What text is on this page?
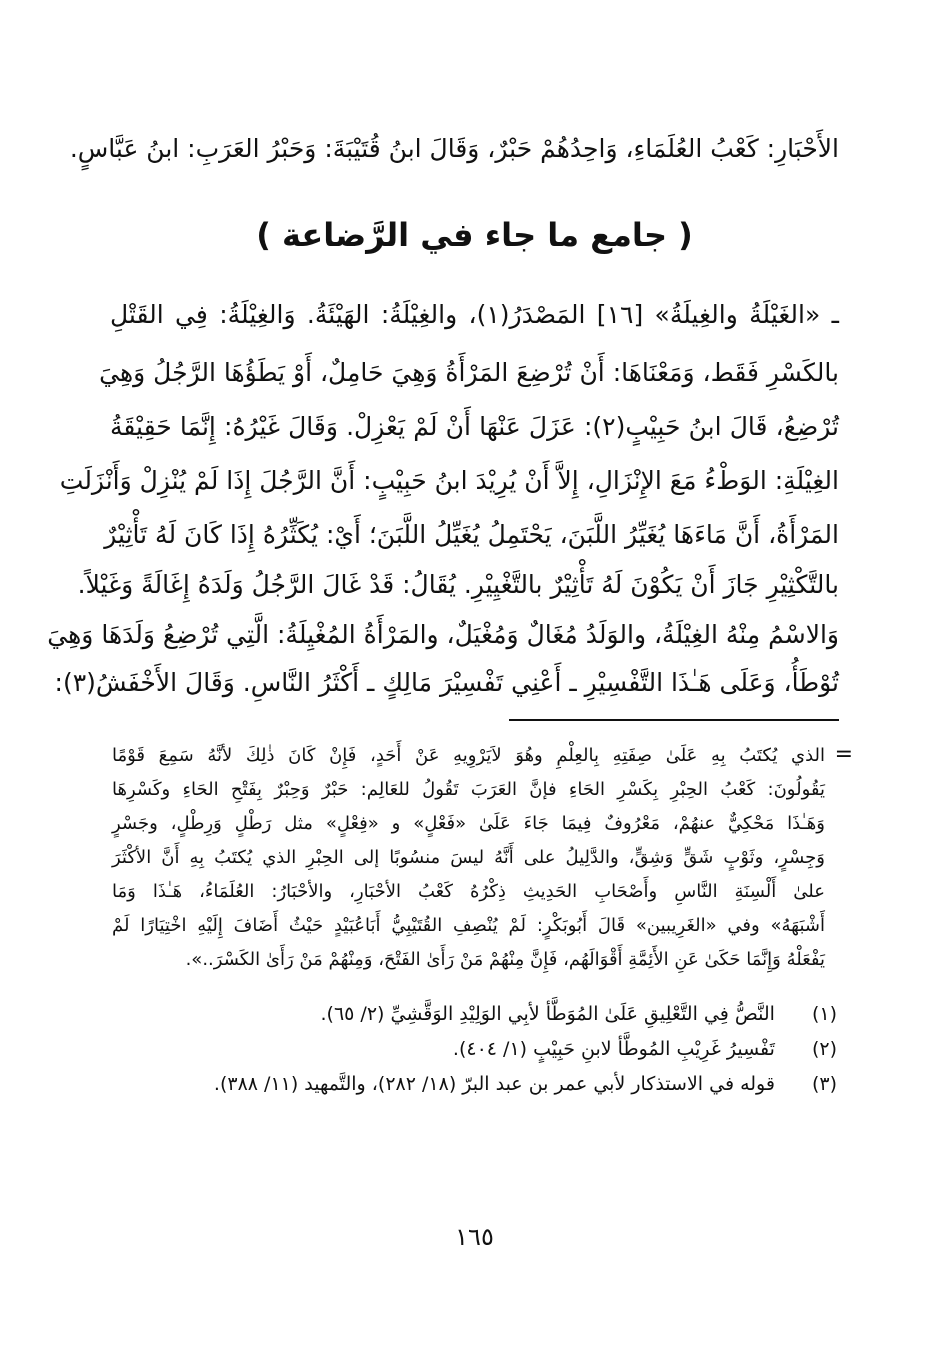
الأَحْبَارِ: كَعْبُ العُلَمَاءِ، وَاحِدُهُمْ حَبْرٌ، وَقَالَ ابنُ قُتَيْبَةَ: وَحَبْرُ العَرَبِ: ابنُ عَبَّاسٍ.
( جامع ما جاء في الرَّضاعة )
ـ «الغَيْلَةُ والغِيلَةُ» [١٦] المَصْدَرُ(١)، والغِيْلَةُ: الهَيْئَةُ. وَالغِيْلَةُ: فِي القَتْلِ
بالكَسْرِ فَقَط، وَمَعْنَاهَا: أَنْ تُرْضِعَ المَرْأَةُ وَهِيَ حَامِلٌ، أَوْ يَطَؤُهَا الرَّجُلُ وَهِيَ
تُرْضِعُ، قَالَ ابنُ حَبِيْبٍ(٢): عَزَلَ عَنْهَا أَنْ لَمْ يَعْزِلْ. وَقَالَ غَيْرُهُ: إِنَّمَا حَقِيْقَةُ
الغِيْلَةِ: الوَطْءُ مَعَ الإِنْزَالِ، إِلاَّ أَنْ يُرِيْدَ ابنُ حَبِيْبٍ: أَنَّ الرَّجُلَ إِذَا لَمْ يُنْزِلْ وَأَنْزَلَتِ
المَرْأَةُ، أَنَّ مَاءَهَا يُغَيِّرُ اللَّبَنَ، يَحْتَمِلُ يُغَيِّلُ اللَّبَنَ؛ أَيْ: يُكَثِّرُهُ إِذَا كَانَ لَهُ تَأْثِيْرٌ
بالتَّكْثِيْرِ جَازَ أَنْ يَكُوْنَ لَهُ تَأْثِيْرٌ بالتَّغْيِيْرِ. يُقَالُ: قَدْ غَالَ الرَّجُلُ وَلَدَهُ إِغَالَةً وَغَيْلاً.
وَالاسْمُ مِنْهُ الغِيْلَةُ، والوَلَدُ مُغَالٌ وَمُغْيَلٌ، والمَرْأَةُ المُغْيِلَةُ: الَّتِي تُرْضِعُ وَلَدَهَا وَهِيَ
تُوْطَأُ، وَعَلَى هَـٰذَا التَّفْسِيْرِ ـ أَعْنِي تَفْسِيْرَ مَالِكٍ ـ أَكْثَرُ النَّاسِ. وَقَالَ الأَخْفَشُ(٣):
=
الذي يُكتَبُ بِهِ عَلَىٰ صِفَتِهِ بِالعِلْمِ وهُوَ لاَيَرْوِيهِ عَنْ أَحَدٍ، فَإِنْ كَانَ ذٰلِكَ لأنَّهُ سَمِعَ قَوْمًا
يَقُولُونَ: كَعْبُ الحِبْرِ بِكَسْرِ الحَاءِ فإنَّ العَرَبَ تَقُولُ للعَالِم: حَبْرٌ وَحِبْرٌ بِفَتْحِ الحَاءِ وكَسْرِهَا
وَهَـٰذَا مَحْكِيٌّ عنهُمْ، مَعْرُوفٌ فِيمَا جَاءَ عَلَىٰ «فَعْلٍ» و «فِعْلٍ» مثل رَطْلٍ وَرِطْلٍ، وجَسْرٍ
وَجِسْرٍ، وثَوْبٍ شَقٍّ وَشِقٍّ، والدَّلِيلُ على أَنَّهُ ليسَ منسُوبًا إلى الحِبْرِ الذي يُكتَبُ بِهِ أَنَّ الأكْثَرَ
علىٰ أَلْسِنَةِ النَّاسِ وأَصْحَابِ الحَدِيثِ ذِكْرُهُ كَعْبُ الأحْبَارِ، والأحْبَارُ: العُلَمَاءُ، هَـٰذَا وَمَا
أَشْبَهَهُ» وفي «الغَرِيبين» قَالَ أَبُوبَكْرٍ: لَمْ يُنْصِفِ القُتَيْبِيُّ أَبَاعُبَيْدٍ حَيْثُ أَضَافَ إِلَيْهِ اخْتِيَارًا لَمْ
يَفْعَلْهُ وَإِنَّمَا حَكَىٰ عَنِ الأَئِمَّةِ أَقْوَالَهُم، فَإِنَّ مِنْهُمْ مَنْ رَأَىٰ الفَتْحَ، وَمِنْهُمْ مَنْ رَأَىٰ الكَسْرَ..».
(١) النَّصُّ فِي التَّعْلِيقِ عَلَىٰ المُوَطَّأ لأبِي الوَلِيْدِ الوَقَّشِيِّ (٢/ ٦٥).
(٢) تَفْسِيرُ غَرِيْبِ المُوطَّأ لابنِ حَبِيْبٍ (١/ ٤٠٤).
(٣) قوله في الاستذكار لأبي عمر بن عبد البرّ (١٨/ ٢٨٢)، والتَّمهيد (١١/ ٣٨٨).
١٦٥
